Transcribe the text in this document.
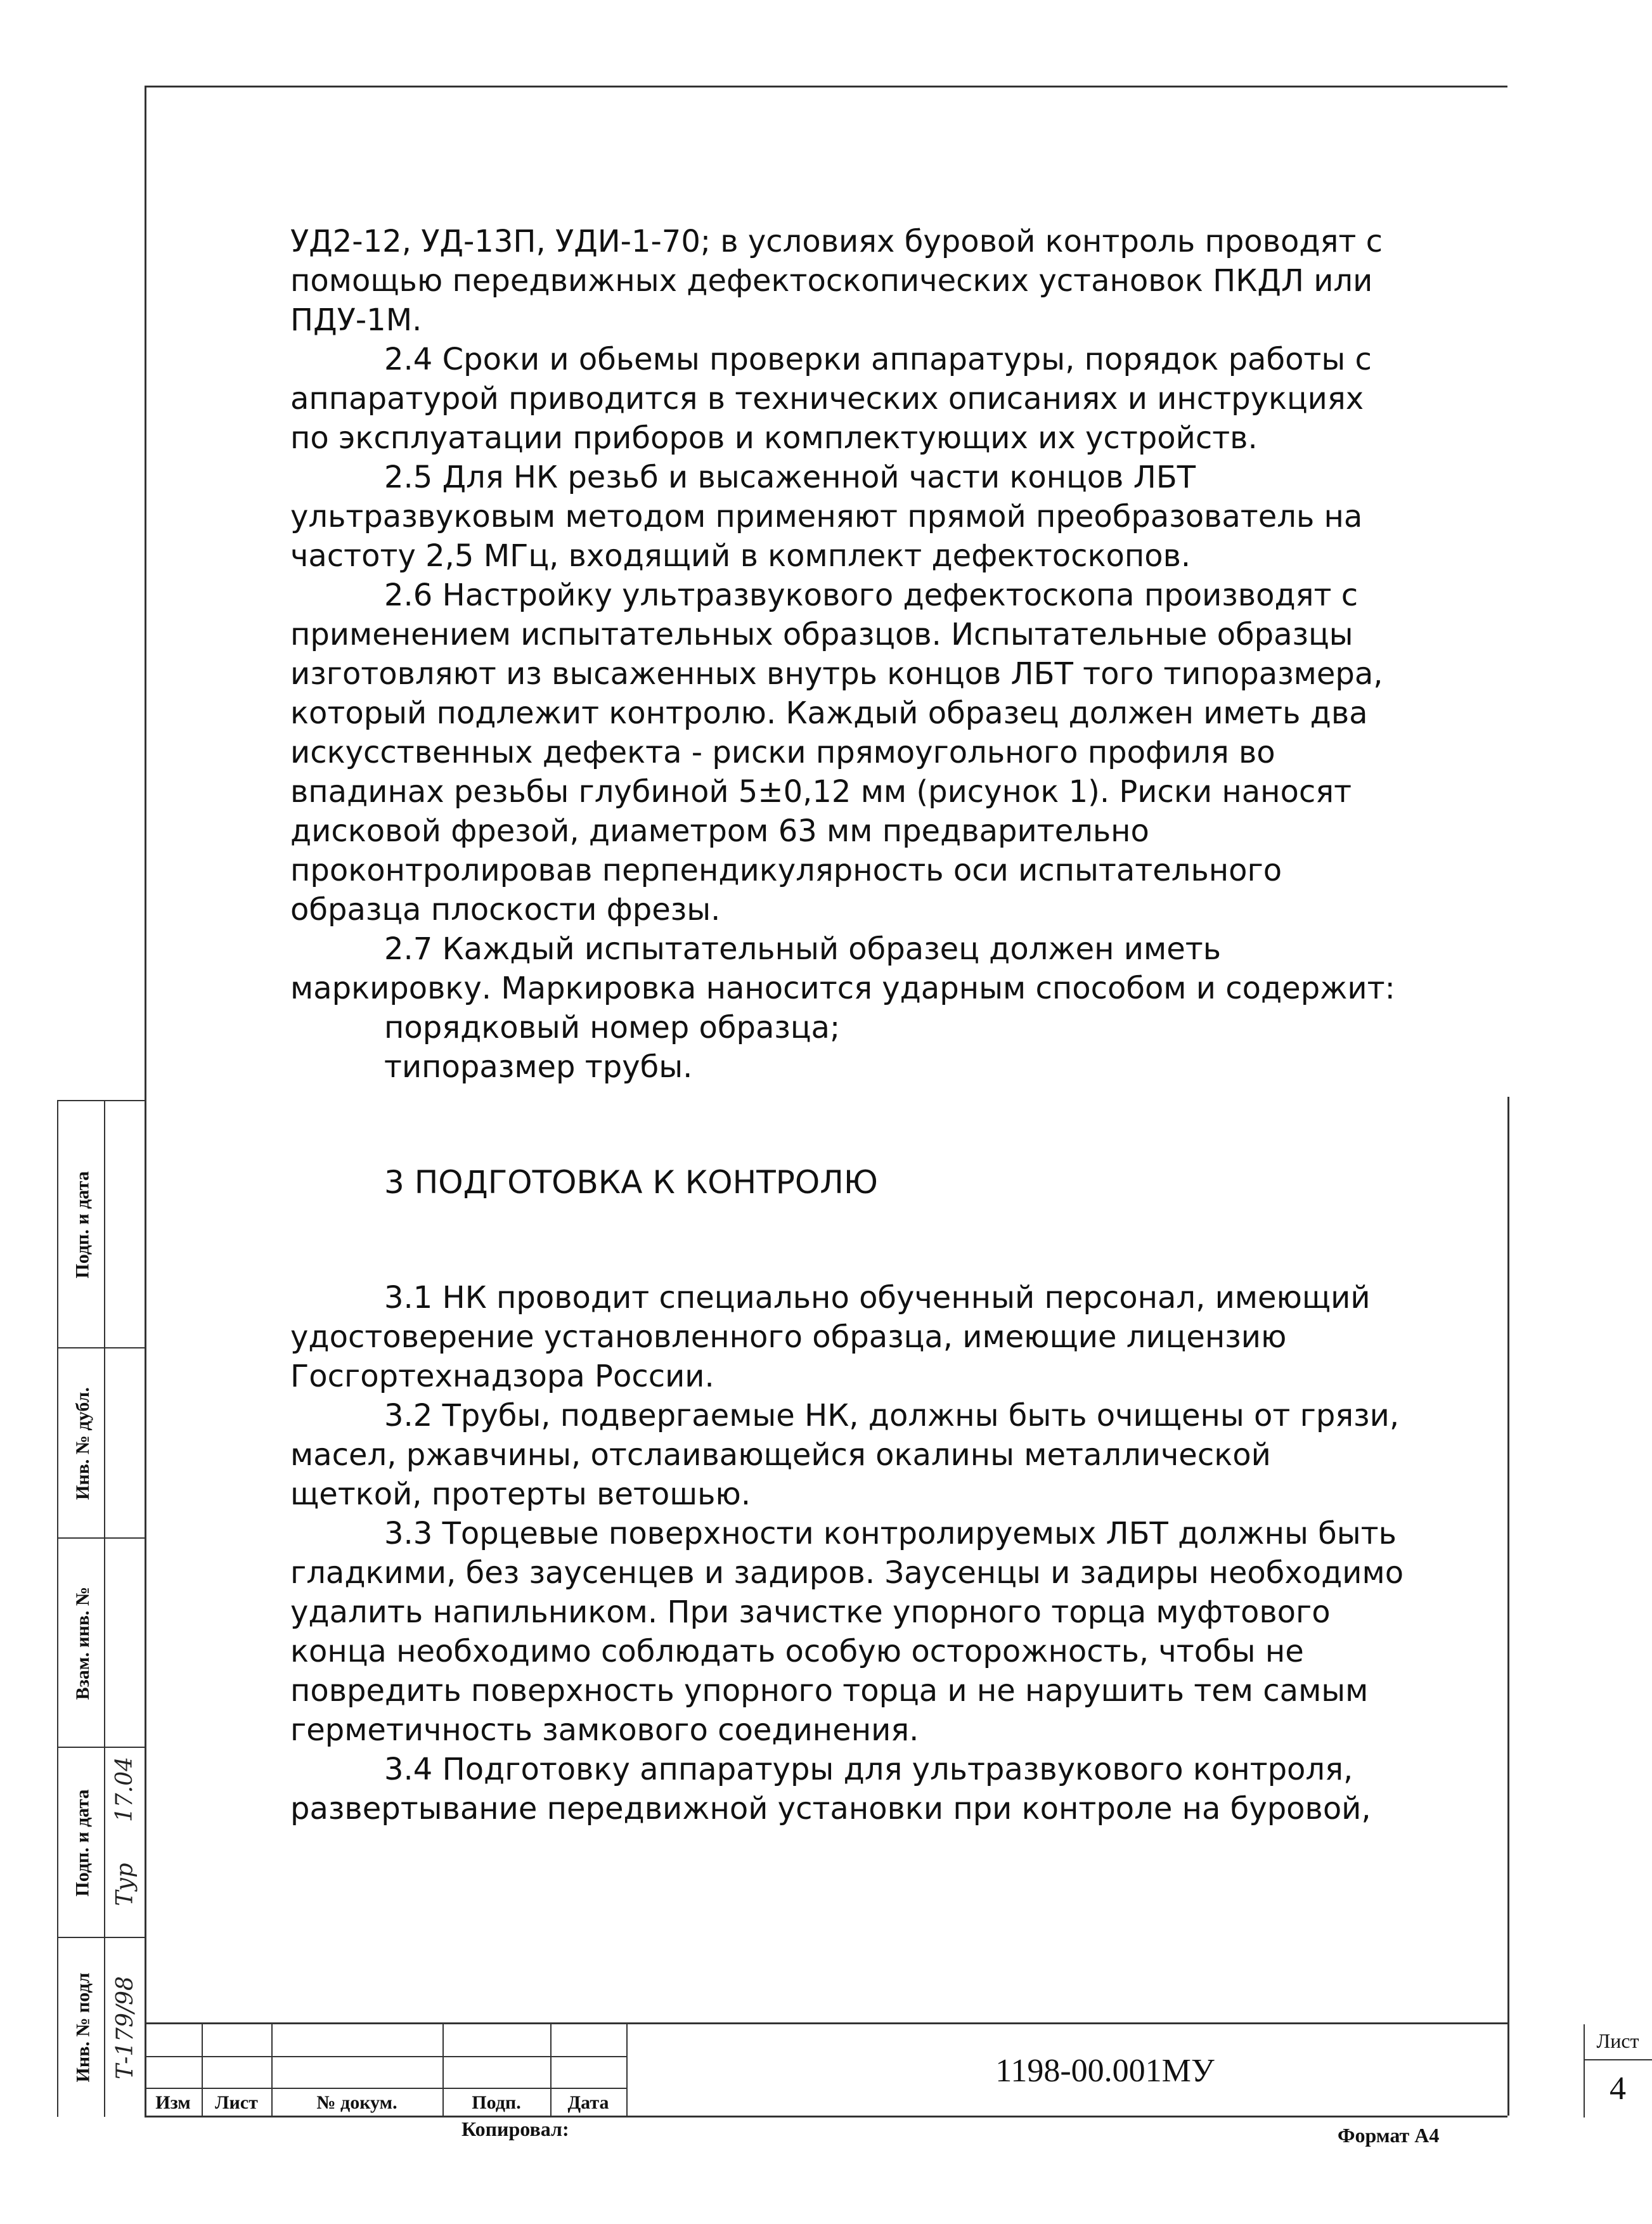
УД2-12, УД-13П, УДИ-1-70; в условиях буровой контроль проводят с помощью передвижных дефектоскопических установок ПКДЛ или ПДУ-1М.

2.4 Сроки и обьемы проверки аппаратуры, порядок работы с аппаратурой приводится в технических описаниях и инструкциях по эксплуатации приборов и комплектующих их устройств.

2.5 Для НК резьб и высаженной части концов ЛБТ ультразвуковым методом применяют прямой преобразователь на частоту 2,5 МГц, входящий в комплект дефектоскопов.

2.6 Настройку ультразвукового дефектоскопа производят с применением испытательных образцов. Испытательные образцы изготовляют из высаженных внутрь концов ЛБТ того типоразмера, который подлежит контролю. Каждый образец должен иметь два искусственных дефекта - риски прямоугольного профиля во впадинах резьбы глубиной 5±0,12 мм (рисунок 1). Риски наносят дисковой фрезой, диаметром 63 мм предварительно проконтролировав перпендикулярность оси испытательного образца плоскости фрезы.

2.7 Каждый испытательный образец должен иметь маркировку. Маркировка наносится ударным способом и содержит:

порядковый номер образца;

типоразмер трубы.

3 ПОДГОТОВКА К КОНТРОЛЮ

3.1 НК проводит специально обученный персонал, имеющий удостоверение установленного образца, имеющие лицензию Госгортехнадзора России.

3.2 Трубы, подвергаемые НК, должны быть очищены от грязи, масел, ржавчины, отслаивающейся окалины металлической щеткой, протерты ветошью.

3.3 Торцевые поверхности контролируемых ЛБТ должны быть гладкими, без заусенцев и задиров. Заусенцы и задиры необходимо удалить напильником. При зачистке упорного торца муфтового конца необходимо соблюдать особую осторожность, чтобы не повредить поверхность упорного торца и не нарушить тем самым герметичность замкового соединения.

3.4 Подготовку аппаратуры для ультразвукового контроля, развертывание передвижной установки при контроле на буровой,

Подп. и дата
Инв. № дубл.
Взам. инв. №
Подп. и дата
17.04
Тур
Инв. № подл Т-179/98
Изм	Лист	№ докум.	Подп.	Дата
1198-00.001МУ
Лист
4
Копировал:	Формат А4
